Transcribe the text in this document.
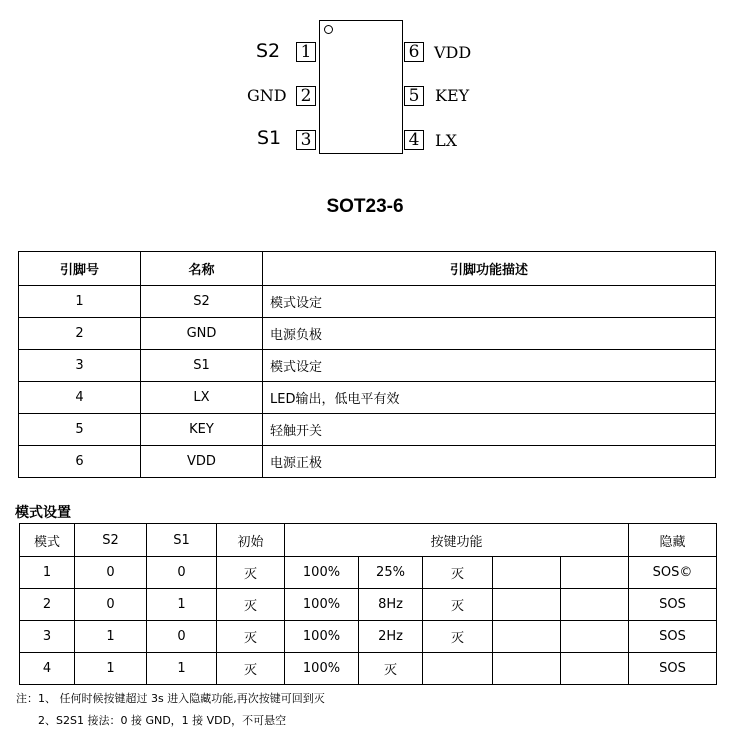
S2 1
GND 2
S1 3
6 VDD
5 KEY
4 LX
SOT23-6
引脚号	名称	引脚功能描述
1	S2	模式设定
2	GND	电源负极
3	S1	模式设定
4	LX	LED输出，低电平有效
5	KEY	轻触开关
6	VDD	电源正极
模式设置
模式	S2	S1	初始	按键功能					隐藏
1	0	0	灭	100%	25%	灭			SOS©
2	0	1	灭	100%	8Hz	灭			SOS
3	1	0	灭	100%	2Hz	灭			SOS
4	1	1	灭	100%	灭				SOS
注：1、 任何时候按键超过 3s 进入隐藏功能,再次按键可回到灭
2、S2S1 接法：0 接 GND，1 接 VDD，不可悬空
